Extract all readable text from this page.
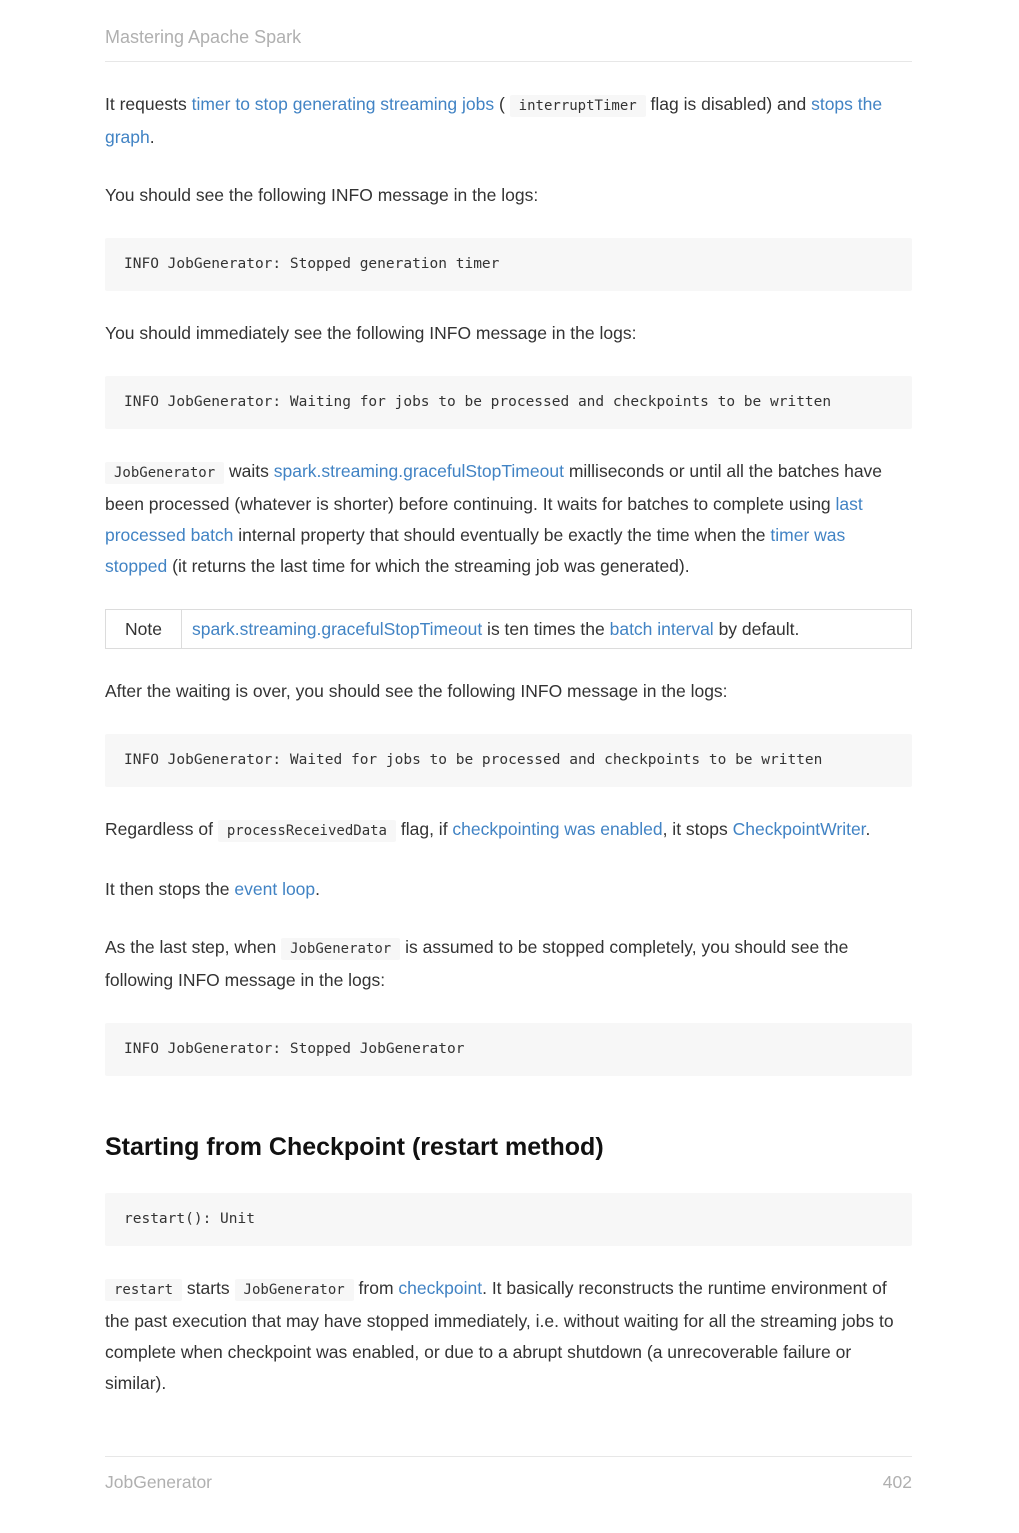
Mastering Apache Spark

It requests timer to stop generating streaming jobs ( interruptTimer flag is disabled) and stops the graph.

You should see the following INFO message in the logs:

INFO JobGenerator: Stopped generation timer

You should immediately see the following INFO message in the logs:

INFO JobGenerator: Waiting for jobs to be processed and checkpoints to be written

JobGenerator waits spark.streaming.gracefulStopTimeout milliseconds or until all the batches have been processed (whatever is shorter) before continuing. It waits for batches to complete using last processed batch internal property that should eventually be exactly the time when the timer was stopped (it returns the last time for which the streaming job was generated).

Note	spark.streaming.gracefulStopTimeout is ten times the batch interval by default.

After the waiting is over, you should see the following INFO message in the logs:

INFO JobGenerator: Waited for jobs to be processed and checkpoints to be written

Regardless of processReceivedData flag, if checkpointing was enabled, it stops CheckpointWriter.

It then stops the event loop.

As the last step, when JobGenerator is assumed to be stopped completely, you should see the following INFO message in the logs:

INFO JobGenerator: Stopped JobGenerator
Starting from Checkpoint (restart method)
restart(): Unit

restart starts JobGenerator from checkpoint. It basically reconstructs the runtime environment of the past execution that may have stopped immediately, i.e. without waiting for all the streaming jobs to complete when checkpoint was enabled, or due to a abrupt shutdown (a unrecoverable failure or similar).

JobGenerator	402
